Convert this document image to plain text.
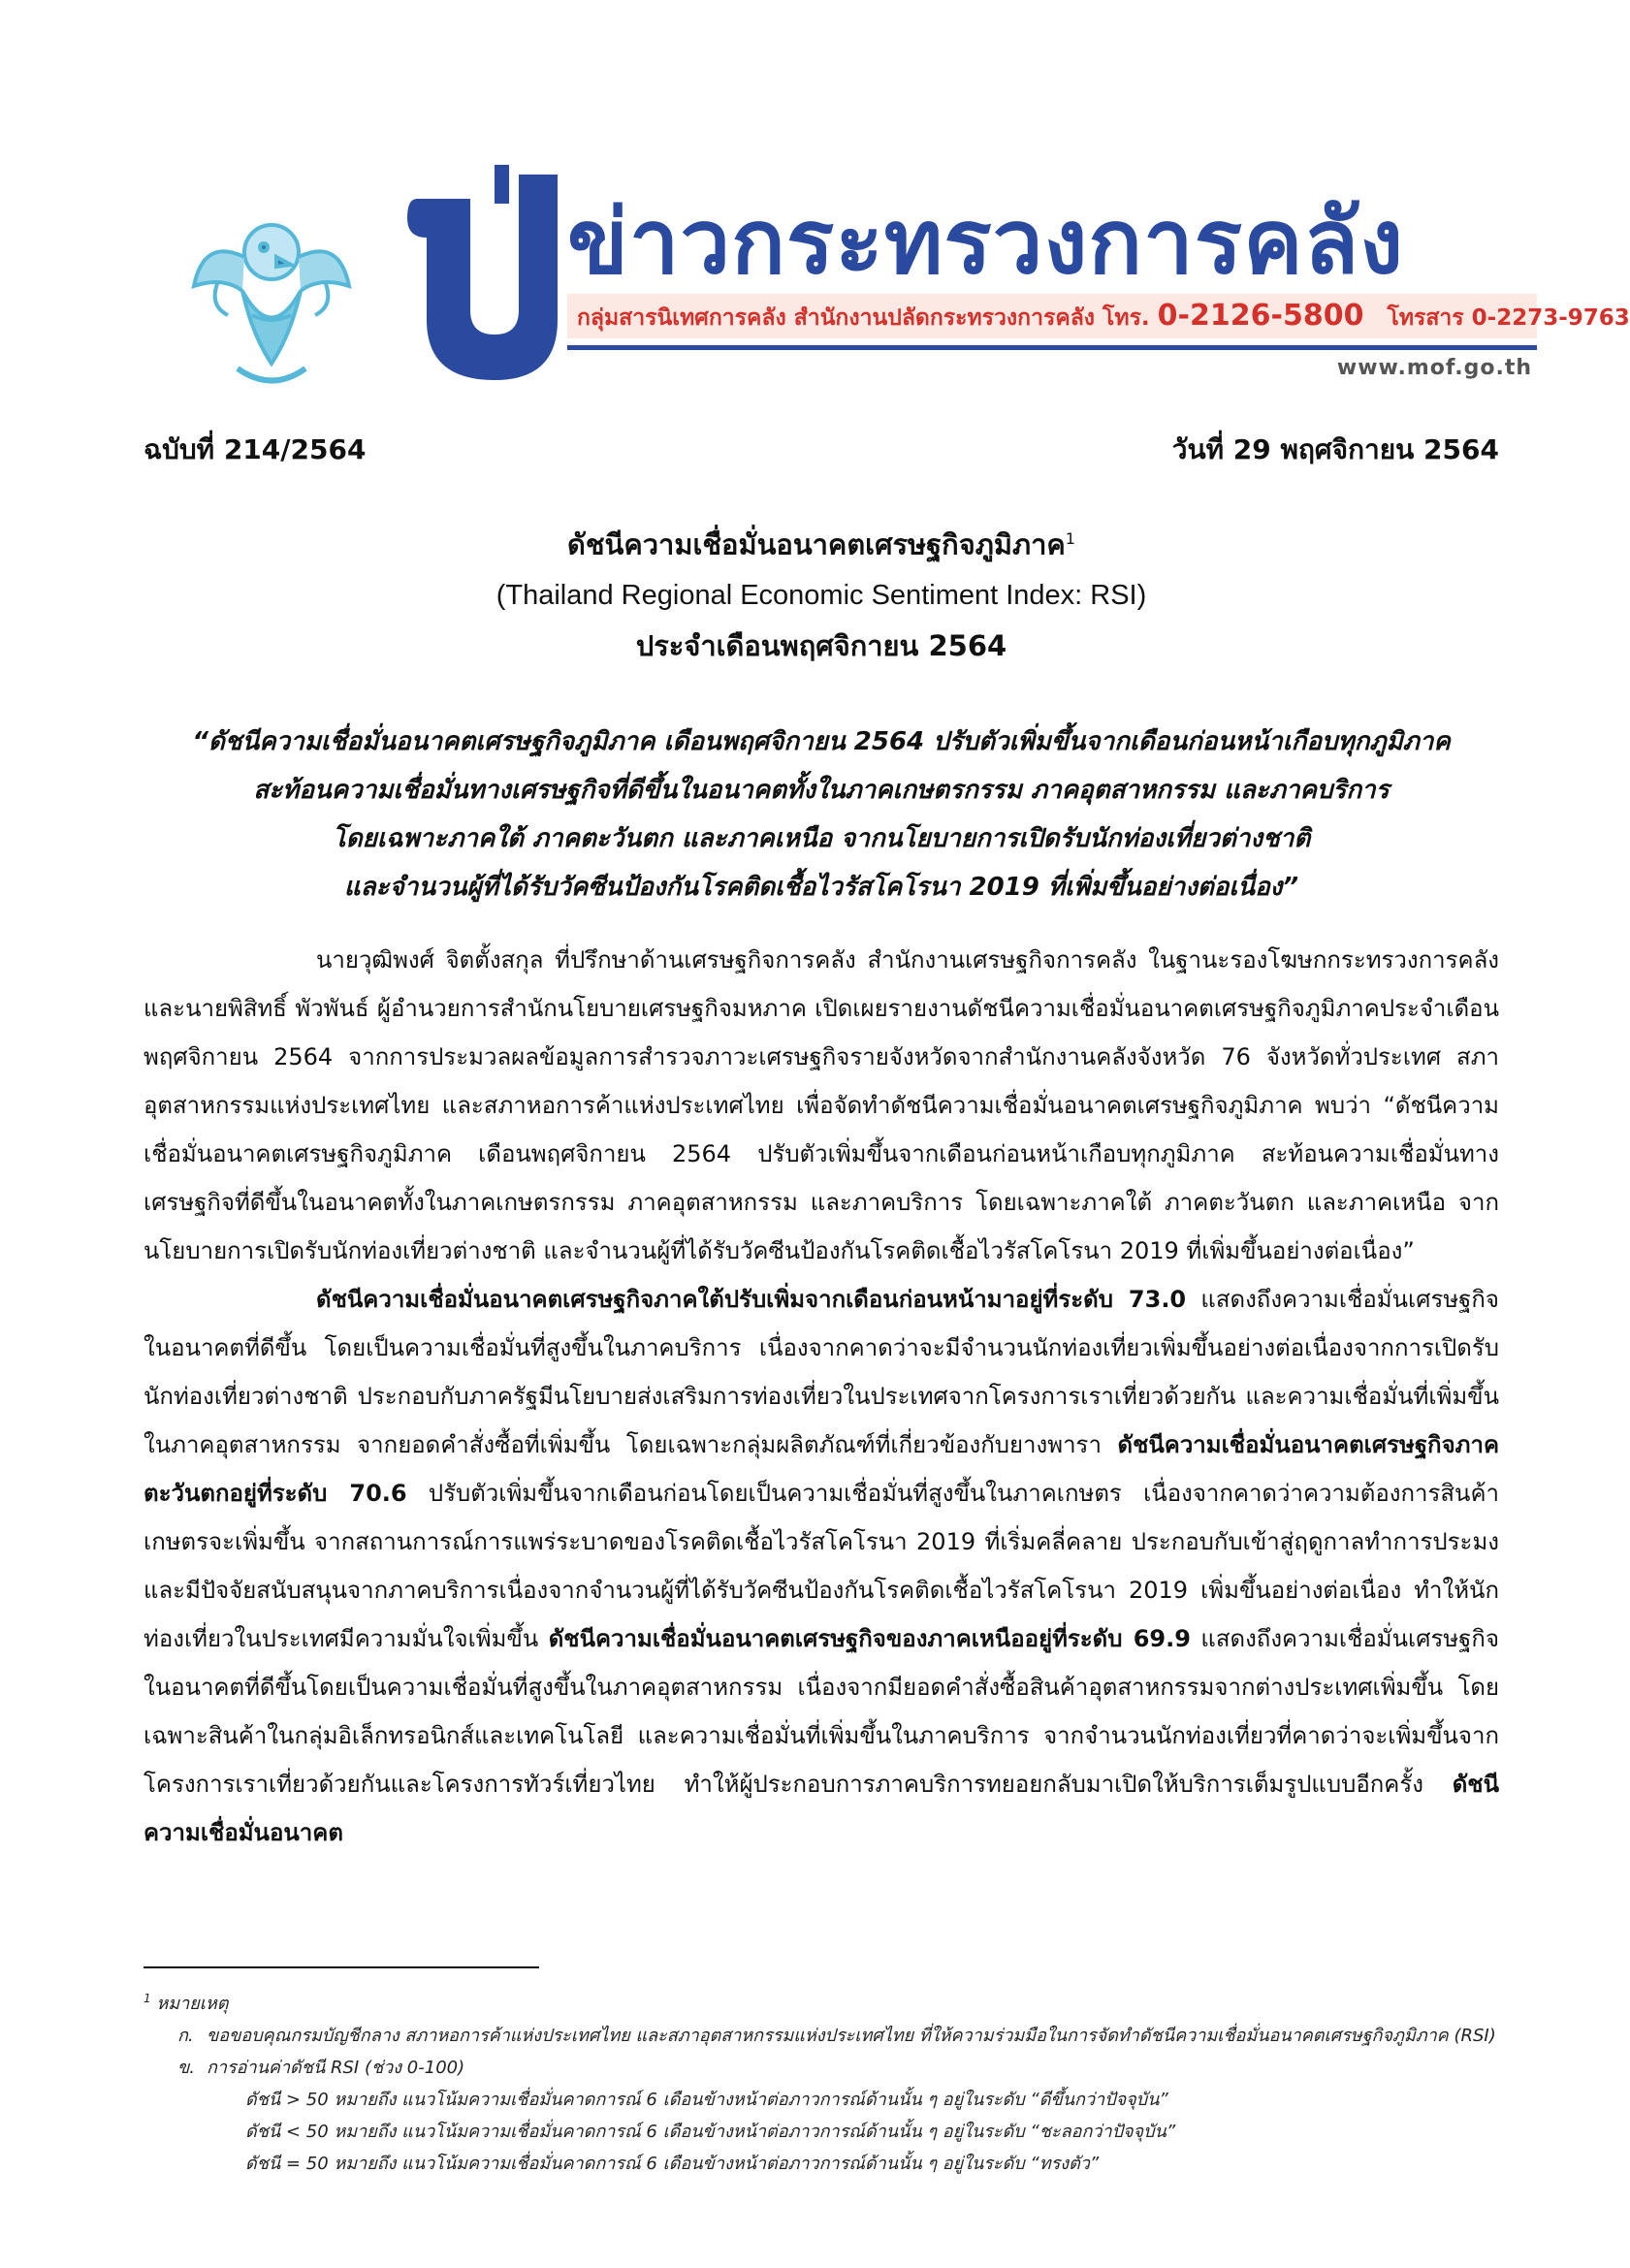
ข่าวกระทรวงการคลัง
กลุ่มสารนิเทศการคลัง สำนักงานปลัดกระทรวงการคลัง โทร. 0-2126-5800 โทรสาร 0-2273-9763
www.mof.go.th
ฉบับที่ 214/2564	วันที่ 29 พฤศจิกายน 2564
ดัชนีความเชื่อมั่นอนาคตเศรษฐกิจภูมิภาค$^1$
(Thailand Regional Economic Sentiment Index: RSI)
ประจำเดือนพฤศจิกายน 2564
“ดัชนีความเชื่อมั่นอนาคตเศรษฐกิจภูมิภาค เดือนพฤศจิกายน 2564 ปรับตัวเพิ่มขึ้นจากเดือนก่อนหน้าเกือบทุกภูมิภาค
สะท้อนความเชื่อมั่นทางเศรษฐกิจที่ดีขึ้นในอนาคตทั้งในภาคเกษตรกรรม ภาคอุตสาหกรรม และภาคบริการ
โดยเฉพาะภาคใต้ ภาคตะวันตก และภาคเหนือ จากนโยบายการเปิดรับนักท่องเที่ยวต่างชาติ
และจำนวนผู้ที่ได้รับวัคซีนป้องกันโรคติดเชื้อไวรัสโคโรนา 2019 ที่เพิ่มขึ้นอย่างต่อเนื่อง”

นายวุฒิพงศ์ จิตตั้งสกุล ที่ปรึกษาด้านเศรษฐกิจการคลัง สำนักงานเศรษฐกิจการคลัง ในฐานะรองโฆษกกระทรวงการคลัง และนายพิสิทธิ์ พัวพันธ์ ผู้อำนวยการสำนักนโยบายเศรษฐกิจมหภาค เปิดเผยรายงานดัชนีความเชื่อมั่นอนาคตเศรษฐกิจภูมิภาคประจำเดือนพฤศจิกายน 2564 จากการประมวลผลข้อมูลการสำรวจภาวะเศรษฐกิจรายจังหวัดจากสำนักงานคลังจังหวัด 76 จังหวัดทั่วประเทศ สภาอุตสาหกรรมแห่งประเทศไทย และสภาหอการค้าแห่งประเทศไทย เพื่อจัดทำดัชนีความเชื่อมั่นอนาคตเศรษฐกิจภูมิภาค พบว่า “ดัชนีความเชื่อมั่นอนาคตเศรษฐกิจภูมิภาค เดือนพฤศจิกายน 2564 ปรับตัวเพิ่มขึ้นจากเดือนก่อนหน้าเกือบทุกภูมิภาค สะท้อนความเชื่อมั่นทางเศรษฐกิจที่ดีขึ้นในอนาคตทั้งในภาคเกษตรกรรม ภาคอุตสาหกรรม และภาคบริการ โดยเฉพาะภาคใต้ ภาคตะวันตก และภาคเหนือ จากนโยบายการเปิดรับนักท่องเที่ยวต่างชาติ และจำนวนผู้ที่ได้รับวัคซีนป้องกันโรคติดเชื้อไวรัสโคโรนา 2019 ที่เพิ่มขึ้นอย่างต่อเนื่อง”

ดัชนีความเชื่อมั่นอนาคตเศรษฐกิจภาคใต้ปรับเพิ่มจากเดือนก่อนหน้ามาอยู่ที่ระดับ 73.0 แสดงถึงความเชื่อมั่นเศรษฐกิจในอนาคตที่ดีขึ้น โดยเป็นความเชื่อมั่นที่สูงขึ้นในภาคบริการ เนื่องจากคาดว่าจะมีจำนวนนักท่องเที่ยวเพิ่มขึ้นอย่างต่อเนื่องจากการเปิดรับนักท่องเที่ยวต่างชาติ ประกอบกับภาครัฐมีนโยบายส่งเสริมการท่องเที่ยวในประเทศจากโครงการเราเที่ยวด้วยกัน และความเชื่อมั่นที่เพิ่มขึ้นในภาคอุตสาหกรรม จากยอดคำสั่งซื้อที่เพิ่มขึ้น โดยเฉพาะกลุ่มผลิตภัณฑ์ที่เกี่ยวข้องกับยางพารา ดัชนีความเชื่อมั่นอนาคตเศรษฐกิจภาคตะวันตกอยู่ที่ระดับ 70.6 ปรับตัวเพิ่มขึ้นจากเดือนก่อนโดยเป็นความเชื่อมั่นที่สูงขึ้นในภาคเกษตร เนื่องจากคาดว่าความต้องการสินค้าเกษตรจะเพิ่มขึ้น จากสถานการณ์การแพร่ระบาดของโรคติดเชื้อไวรัสโคโรนา 2019 ที่เริ่มคลี่คลาย ประกอบกับเข้าสู่ฤดูกาลทำการประมง และมีปัจจัยสนับสนุนจากภาคบริการเนื่องจากจำนวนผู้ที่ได้รับวัคซีนป้องกันโรคติดเชื้อไวรัสโคโรนา 2019 เพิ่มขึ้นอย่างต่อเนื่อง ทำให้นักท่องเที่ยวในประเทศมีความมั่นใจเพิ่มขึ้น ดัชนีความเชื่อมั่นอนาคตเศรษฐกิจของภาคเหนืออยู่ที่ระดับ 69.9 แสดงถึงความเชื่อมั่นเศรษฐกิจในอนาคตที่ดีขึ้นโดยเป็นความเชื่อมั่นที่สูงขึ้นในภาคอุตสาหกรรม เนื่องจากมียอดคำสั่งซื้อสินค้าอุตสาหกรรมจากต่างประเทศเพิ่มขึ้น โดยเฉพาะสินค้าในกลุ่มอิเล็กทรอนิกส์และเทคโนโลยี และความเชื่อมั่นที่เพิ่มขึ้นในภาคบริการ จากจำนวนนักท่องเที่ยวที่คาดว่าจะเพิ่มขึ้นจากโครงการเราเที่ยวด้วยกันและโครงการทัวร์เที่ยวไทย ทำให้ผู้ประกอบการภาคบริการทยอยกลับมาเปิดให้บริการเต็มรูปแบบอีกครั้ง ดัชนีความเชื่อมั่นอนาคต

$^1$ หมายเหตุ
ก. ขอขอบคุณกรมบัญชีกลาง สภาหอการค้าแห่งประเทศไทย และสภาอุตสาหกรรมแห่งประเทศไทย ที่ให้ความร่วมมือในการจัดทำดัชนีความเชื่อมั่นอนาคตเศรษฐกิจภูมิภาค (RSI)
ข. การอ่านค่าดัชนี RSI (ช่วง 0-100)
ดัชนี > 50 หมายถึง แนวโน้มความเชื่อมั่นคาดการณ์ 6 เดือนข้างหน้าต่อภาวการณ์ด้านนั้น ๆ อยู่ในระดับ “ดีขึ้นกว่าปัจจุบัน”
ดัชนี < 50 หมายถึง แนวโน้มความเชื่อมั่นคาดการณ์ 6 เดือนข้างหน้าต่อภาวการณ์ด้านนั้น ๆ อยู่ในระดับ “ชะลอกว่าปัจจุบัน”
ดัชนี = 50 หมายถึง แนวโน้มความเชื่อมั่นคาดการณ์ 6 เดือนข้างหน้าต่อภาวการณ์ด้านนั้น ๆ อยู่ในระดับ “ทรงตัว”
